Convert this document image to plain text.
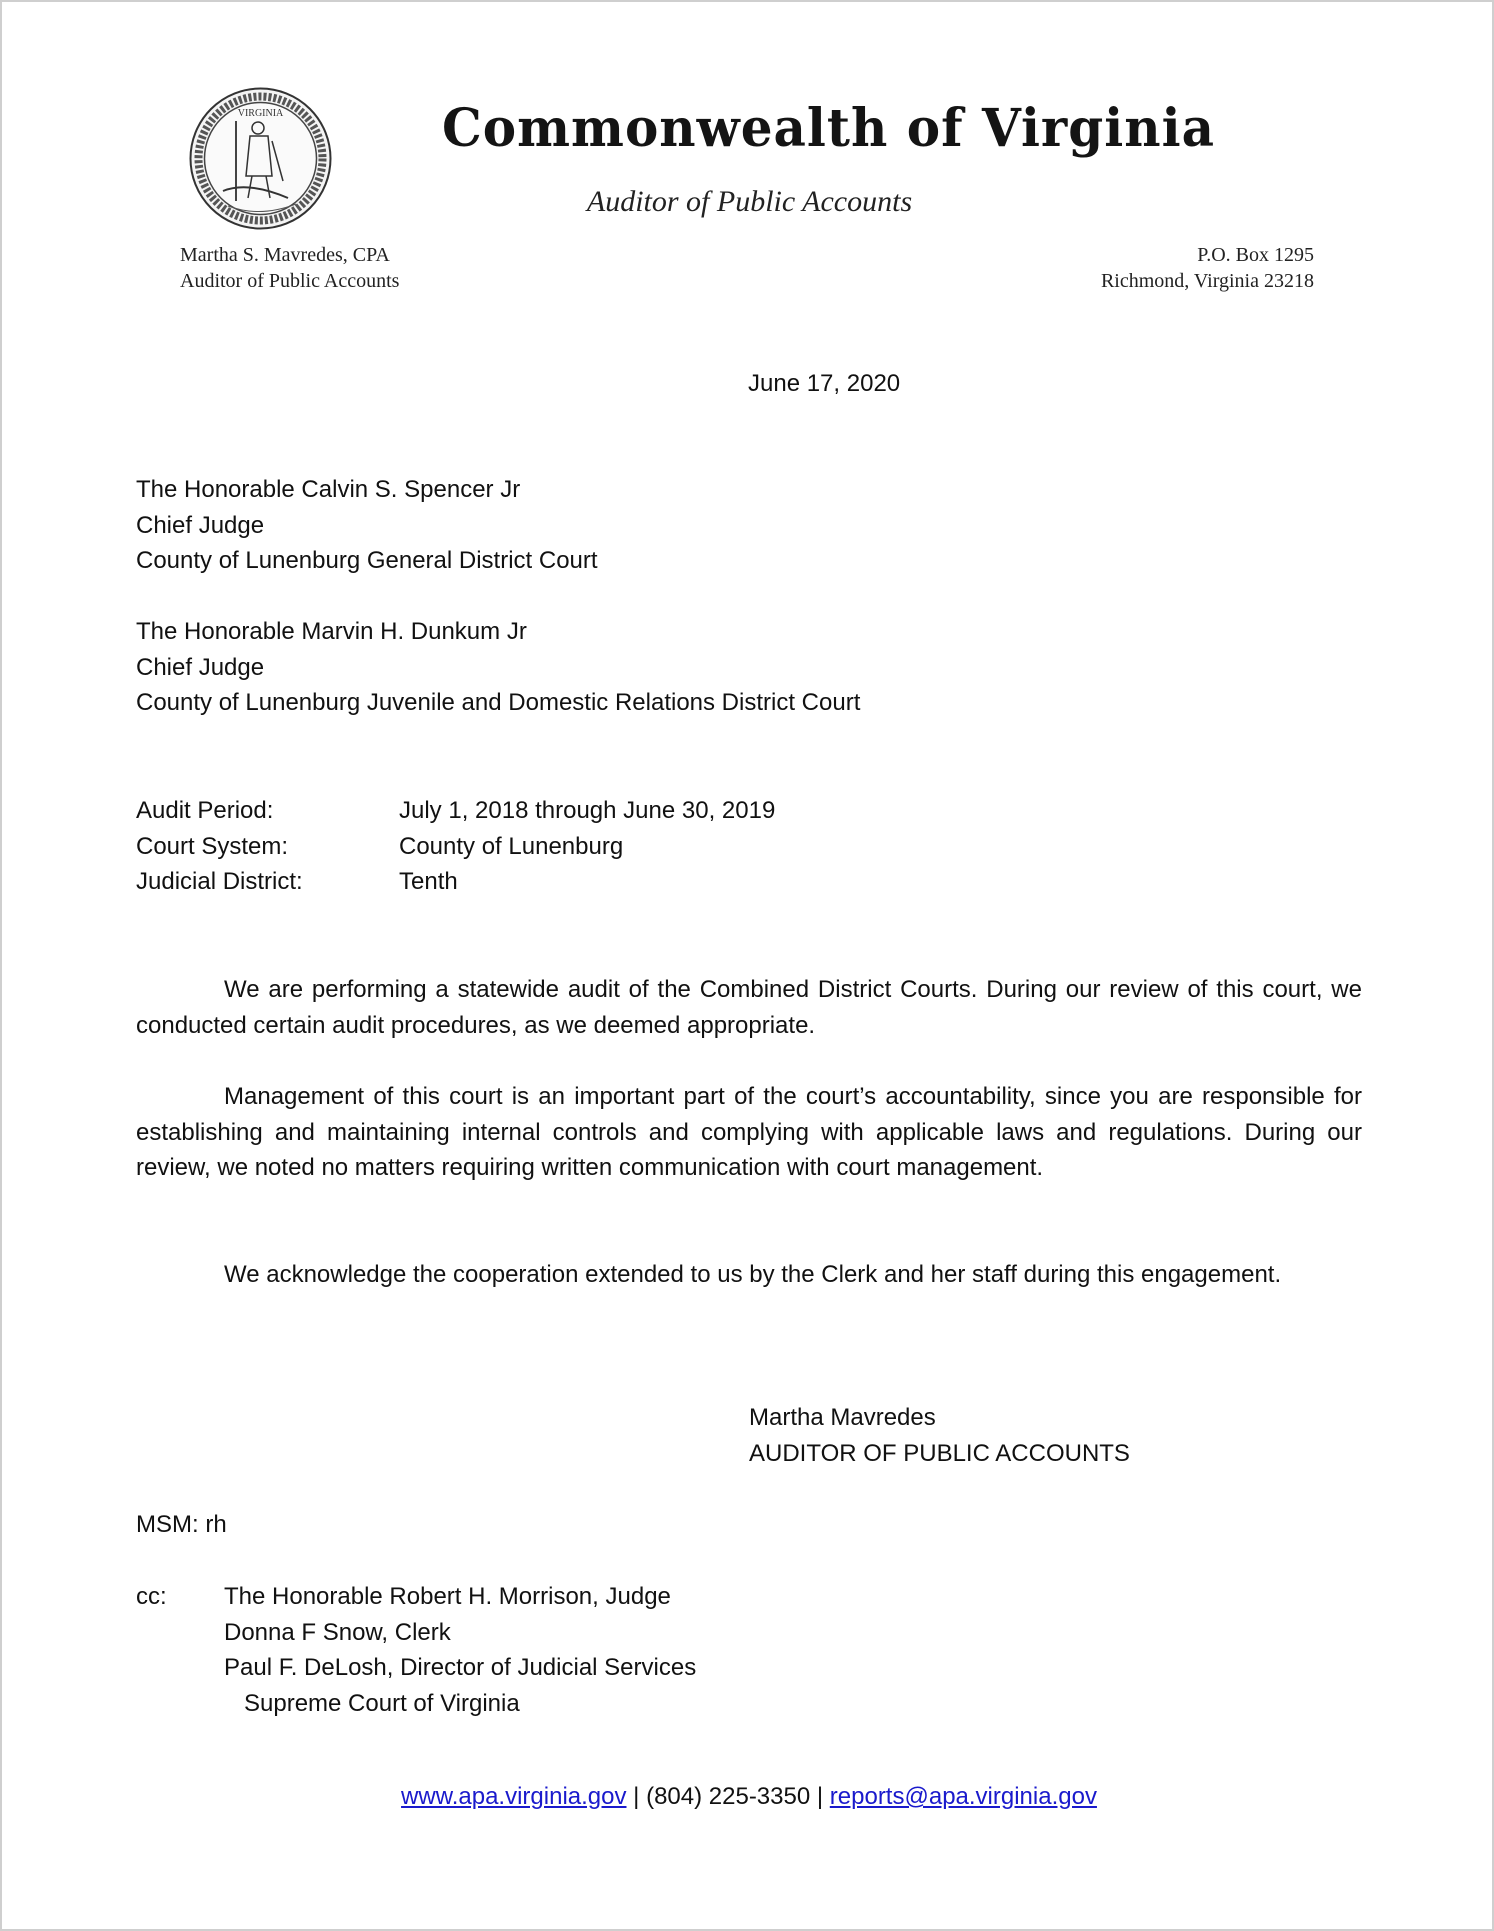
VIRGINIA	Commonwealth of Virginia
Auditor of Public Accounts
Martha S. Mavredes, CPA
Auditor of Public Accounts
P.O. Box 1295
Richmond, Virginia 23218
June 17, 2020
The Honorable Calvin S. Spencer Jr
Chief Judge
County of Lunenburg General District Court
The Honorable Marvin H. Dunkum Jr
Chief Judge
County of Lunenburg Juvenile and Domestic Relations District Court
Audit Period:	July 1, 2018 through June 30, 2019
Court System:	County of Lunenburg
Judicial District:	Tenth
We are performing a statewide audit of the Combined District Courts. During our review of this court, we conducted certain audit procedures, as we deemed appropriate.
Management of this court is an important part of the court’s accountability, since you are responsible for establishing and maintaining internal controls and complying with applicable laws and regulations. During our review, we noted no matters requiring written communication with court management.
We acknowledge the cooperation extended to us by the Clerk and her staff during this engagement.
Martha Mavredes
AUDITOR OF PUBLIC ACCOUNTS
MSM: rh
cc: The Honorable Robert H. Morrison, Judge
Donna F Snow, Clerk
Paul F. DeLosh, Director of Judicial Services
Supreme Court of Virginia
www.apa.virginia.gov | (804) 225-3350 | reports@apa.virginia.gov
